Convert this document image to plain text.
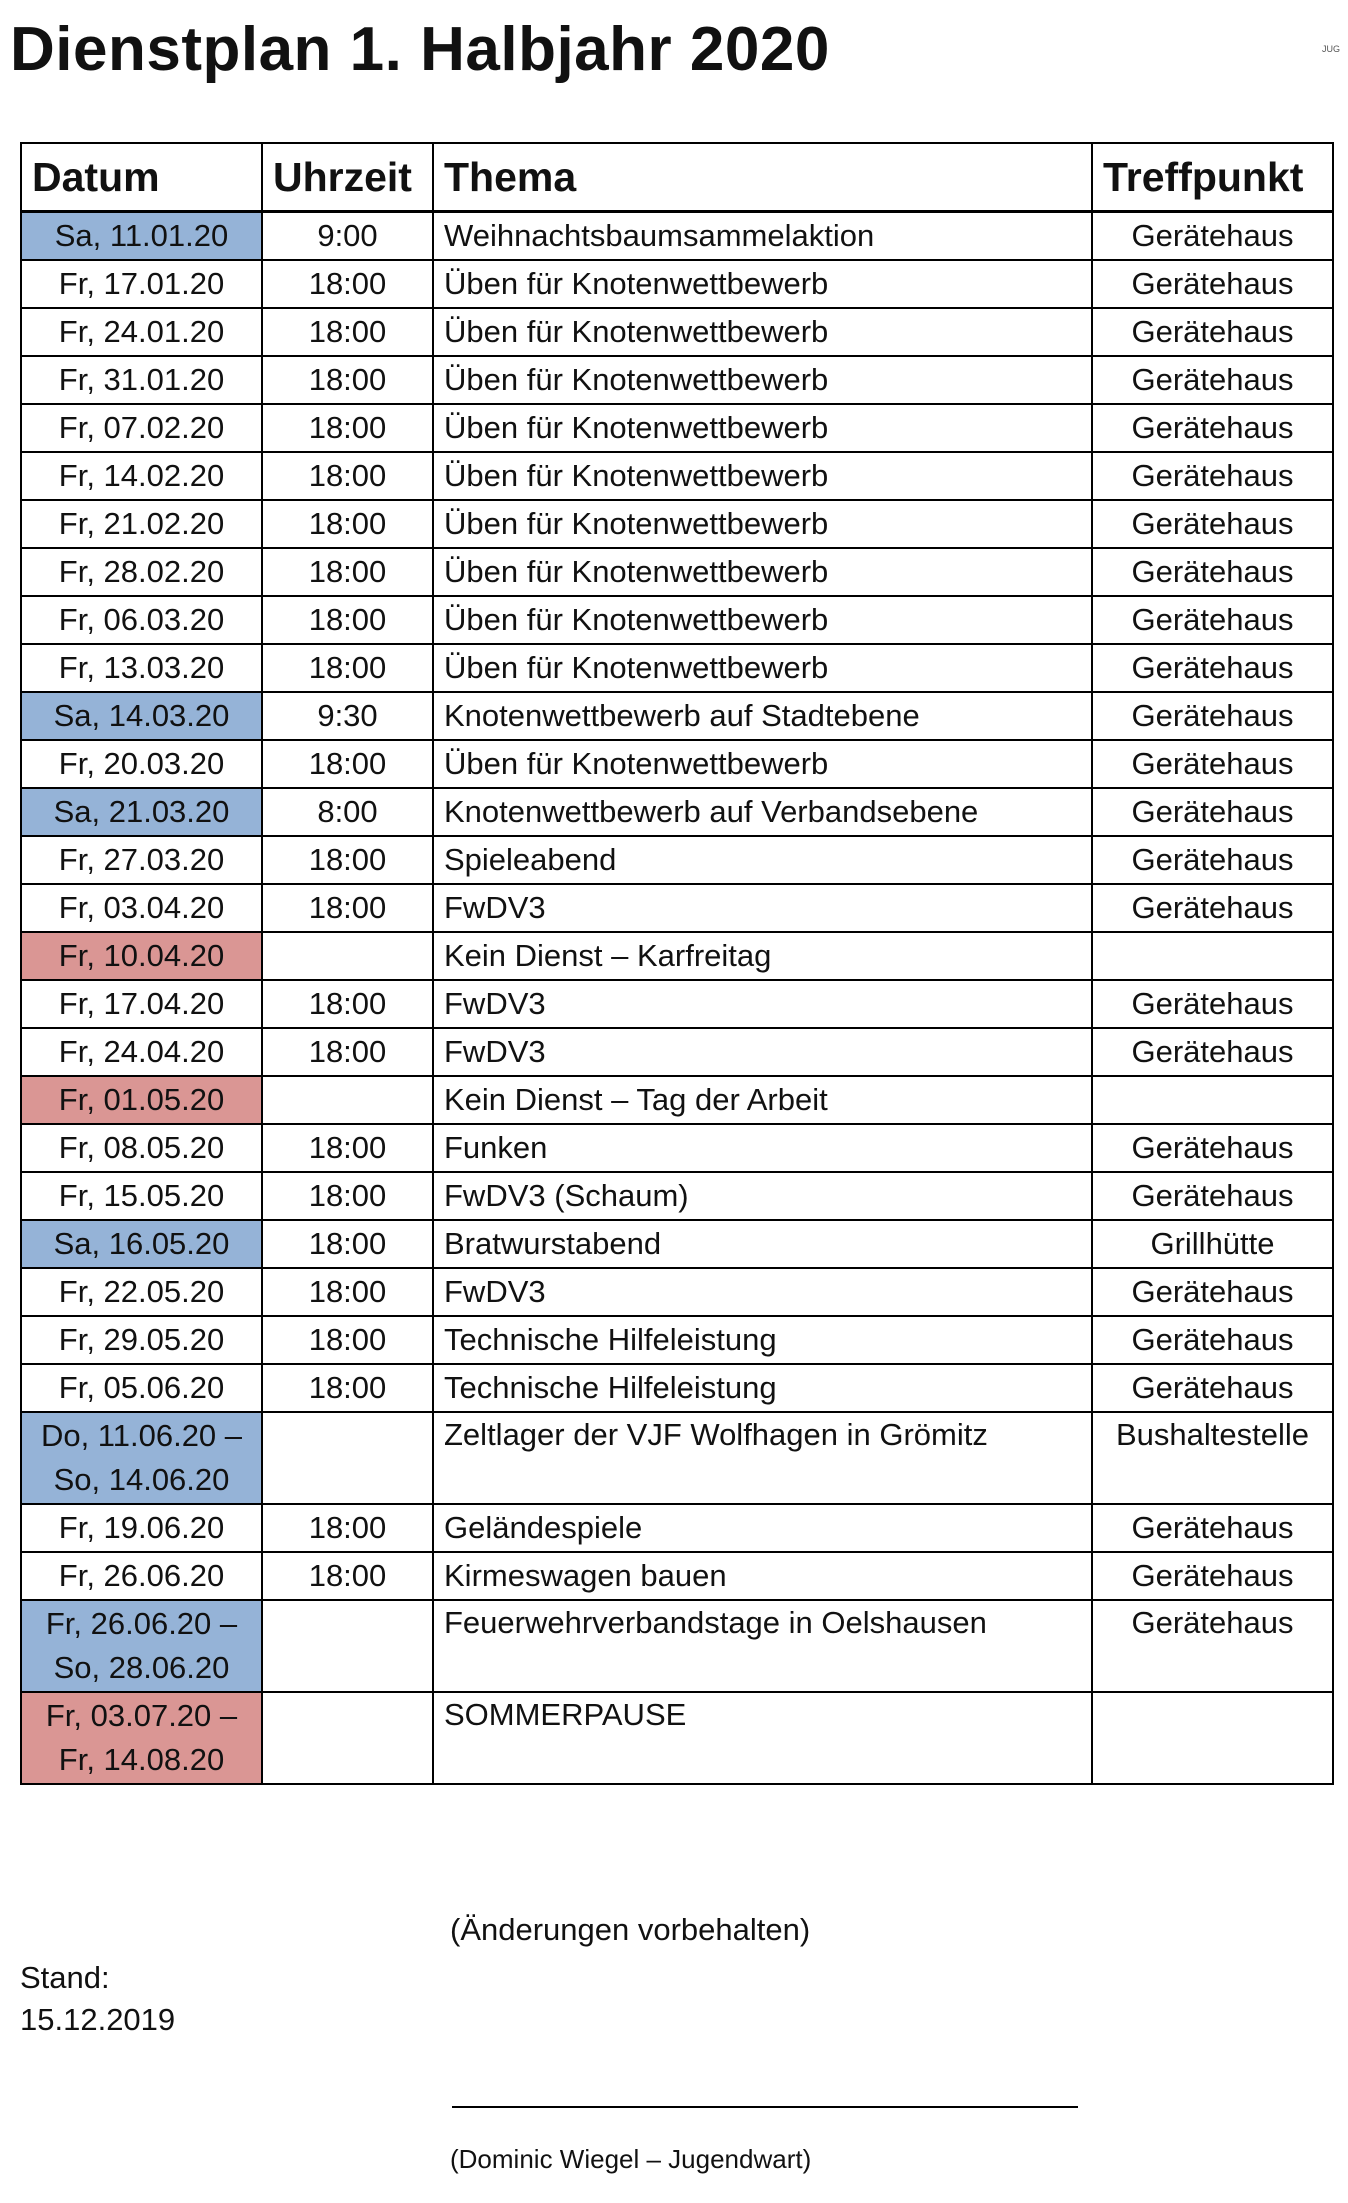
Dienstplan 1. Halbjahr 2020	JUG
Datum	Uhrzeit	Thema	Treffpunkt

Sa, 11.01.20	9:00	Weihnachtsbaumsammelaktion	Gerätehaus

Fr, 17.01.20	18:00	Üben für Knotenwettbewerb	Gerätehaus

Fr, 24.01.20	18:00	Üben für Knotenwettbewerb	Gerätehaus

Fr, 31.01.20	18:00	Üben für Knotenwettbewerb	Gerätehaus

Fr, 07.02.20	18:00	Üben für Knotenwettbewerb	Gerätehaus

Fr, 14.02.20	18:00	Üben für Knotenwettbewerb	Gerätehaus

Fr, 21.02.20	18:00	Üben für Knotenwettbewerb	Gerätehaus

Fr, 28.02.20	18:00	Üben für Knotenwettbewerb	Gerätehaus

Fr, 06.03.20	18:00	Üben für Knotenwettbewerb	Gerätehaus

Fr, 13.03.20	18:00	Üben für Knotenwettbewerb	Gerätehaus

Sa, 14.03.20	9:30	Knotenwettbewerb auf Stadtebene	Gerätehaus

Fr, 20.03.20	18:00	Üben für Knotenwettbewerb	Gerätehaus

Sa, 21.03.20	8:00	Knotenwettbewerb auf Verbandsebene	Gerätehaus

Fr, 27.03.20	18:00	Spieleabend	Gerätehaus

Fr, 03.04.20	18:00	FwDV3	Gerätehaus

Fr, 10.04.20		Kein Dienst – Karfreitag	

Fr, 17.04.20	18:00	FwDV3	Gerätehaus

Fr, 24.04.20	18:00	FwDV3	Gerätehaus

Fr, 01.05.20		Kein Dienst – Tag der Arbeit	

Fr, 08.05.20	18:00	Funken	Gerätehaus

Fr, 15.05.20	18:00	FwDV3 (Schaum)	Gerätehaus

Sa, 16.05.20	18:00	Bratwurstabend	Grillhütte

Fr, 22.05.20	18:00	FwDV3	Gerätehaus

Fr, 29.05.20	18:00	Technische Hilfeleistung	Gerätehaus

Fr, 05.06.20	18:00	Technische Hilfeleistung	Gerätehaus

Do, 11.06.20 –
So, 14.06.20		Zeltlager der VJF Wolfhagen in Grömitz	Bushaltestelle

Fr, 19.06.20	18:00	Geländespiele	Gerätehaus

Fr, 26.06.20	18:00	Kirmeswagen bauen	Gerätehaus

Fr, 26.06.20 –
So, 28.06.20		Feuerwehrverbandstage in Oelshausen	Gerätehaus

Fr, 03.07.20 –
Fr, 14.08.20		SOMMERPAUSE	
(Änderungen vorbehalten)
Stand:
15.12.2019
(Dominic Wiegel – Jugendwart)
